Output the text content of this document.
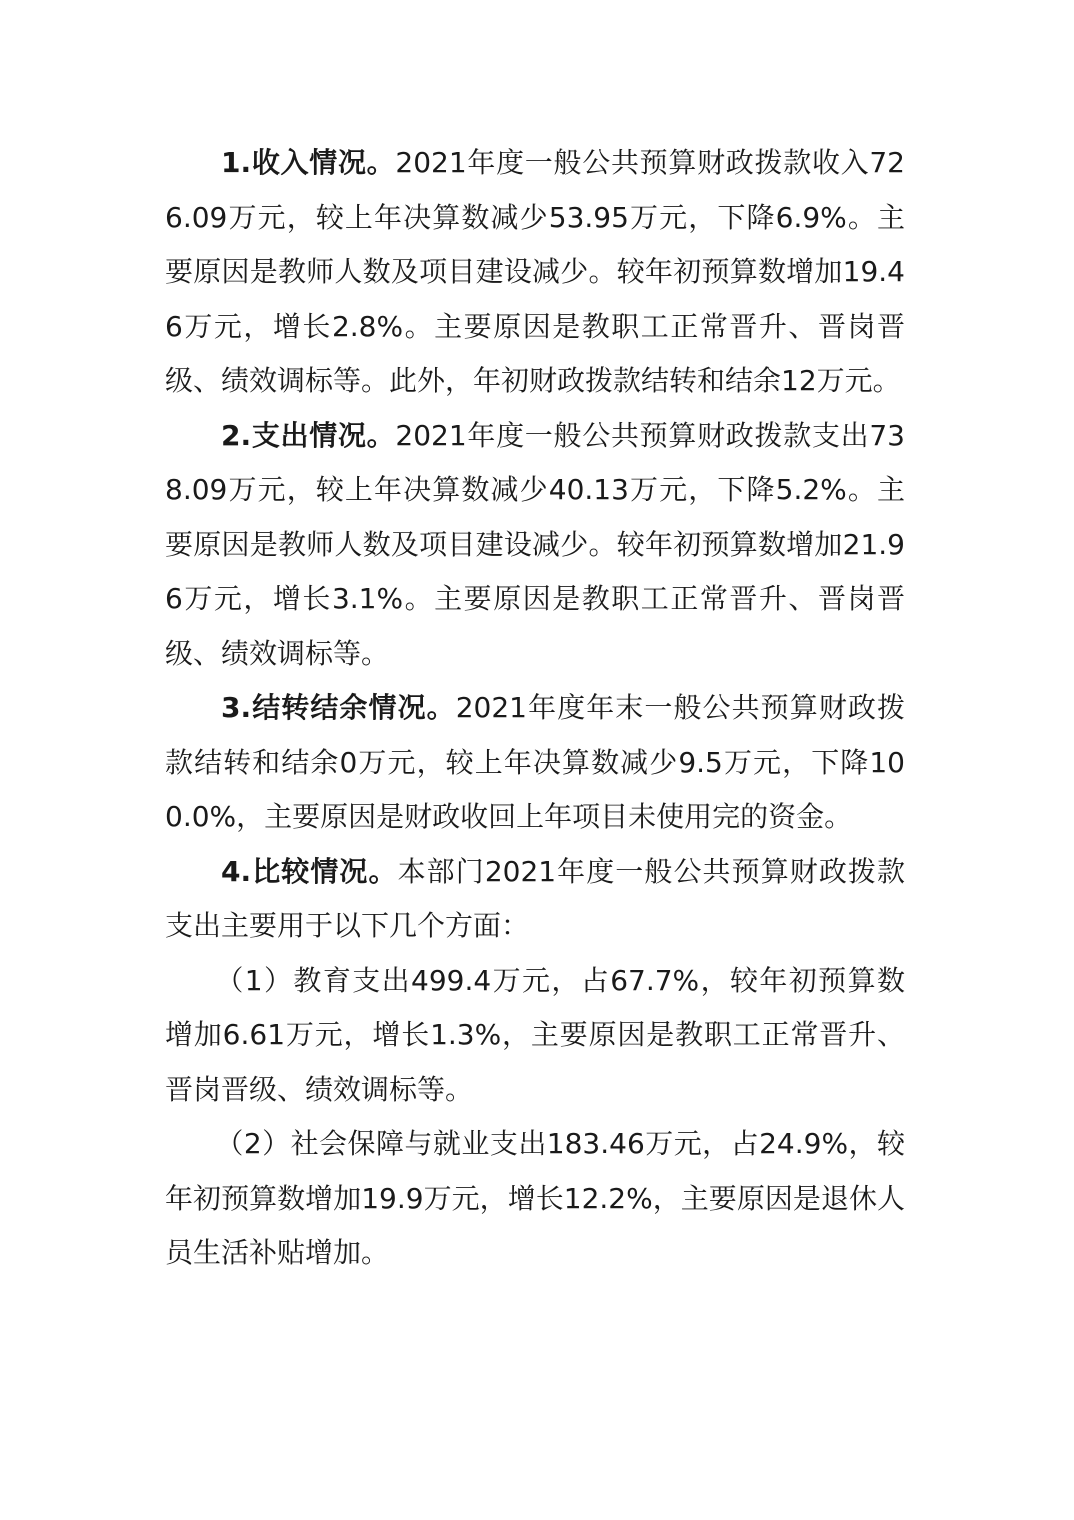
1.收入情况。2021年度一般公共预算财政拨款收入726.09万元，较上年决算数减少53.95万元，下降6.9%。主要原因是教师人数及项目建设减少。较年初预算数增加19.46万元，增长2.8%。主要原因是教职工正常晋升、晋岗晋级、绩效调标等。此外，年初财政拨款结转和结余12万元。

2.支出情况。2021年度一般公共预算财政拨款支出738.09万元，较上年决算数减少40.13万元，下降5.2%。主要原因是教师人数及项目建设减少。较年初预算数增加21.96万元，增长3.1%。主要原因是教职工正常晋升、晋岗晋级、绩效调标等。

3.结转结余情况。2021年度年末一般公共预算财政拨款结转和结余0万元，较上年决算数减少9.5万元，下降100.0%，主要原因是财政收回上年项目未使用完的资金。

4.比较情况。本部门2021年度一般公共预算财政拨款支出主要用于以下几个方面：

（1）教育支出499.4万元，占67.7%，较年初预算数增加6.61万元，增长1.3%，主要原因是教职工正常晋升、晋岗晋级、绩效调标等。

（2）社会保障与就业支出183.46万元，占24.9%，较年初预算数增加19.9万元，增长12.2%，主要原因是退休人员生活补贴增加。
